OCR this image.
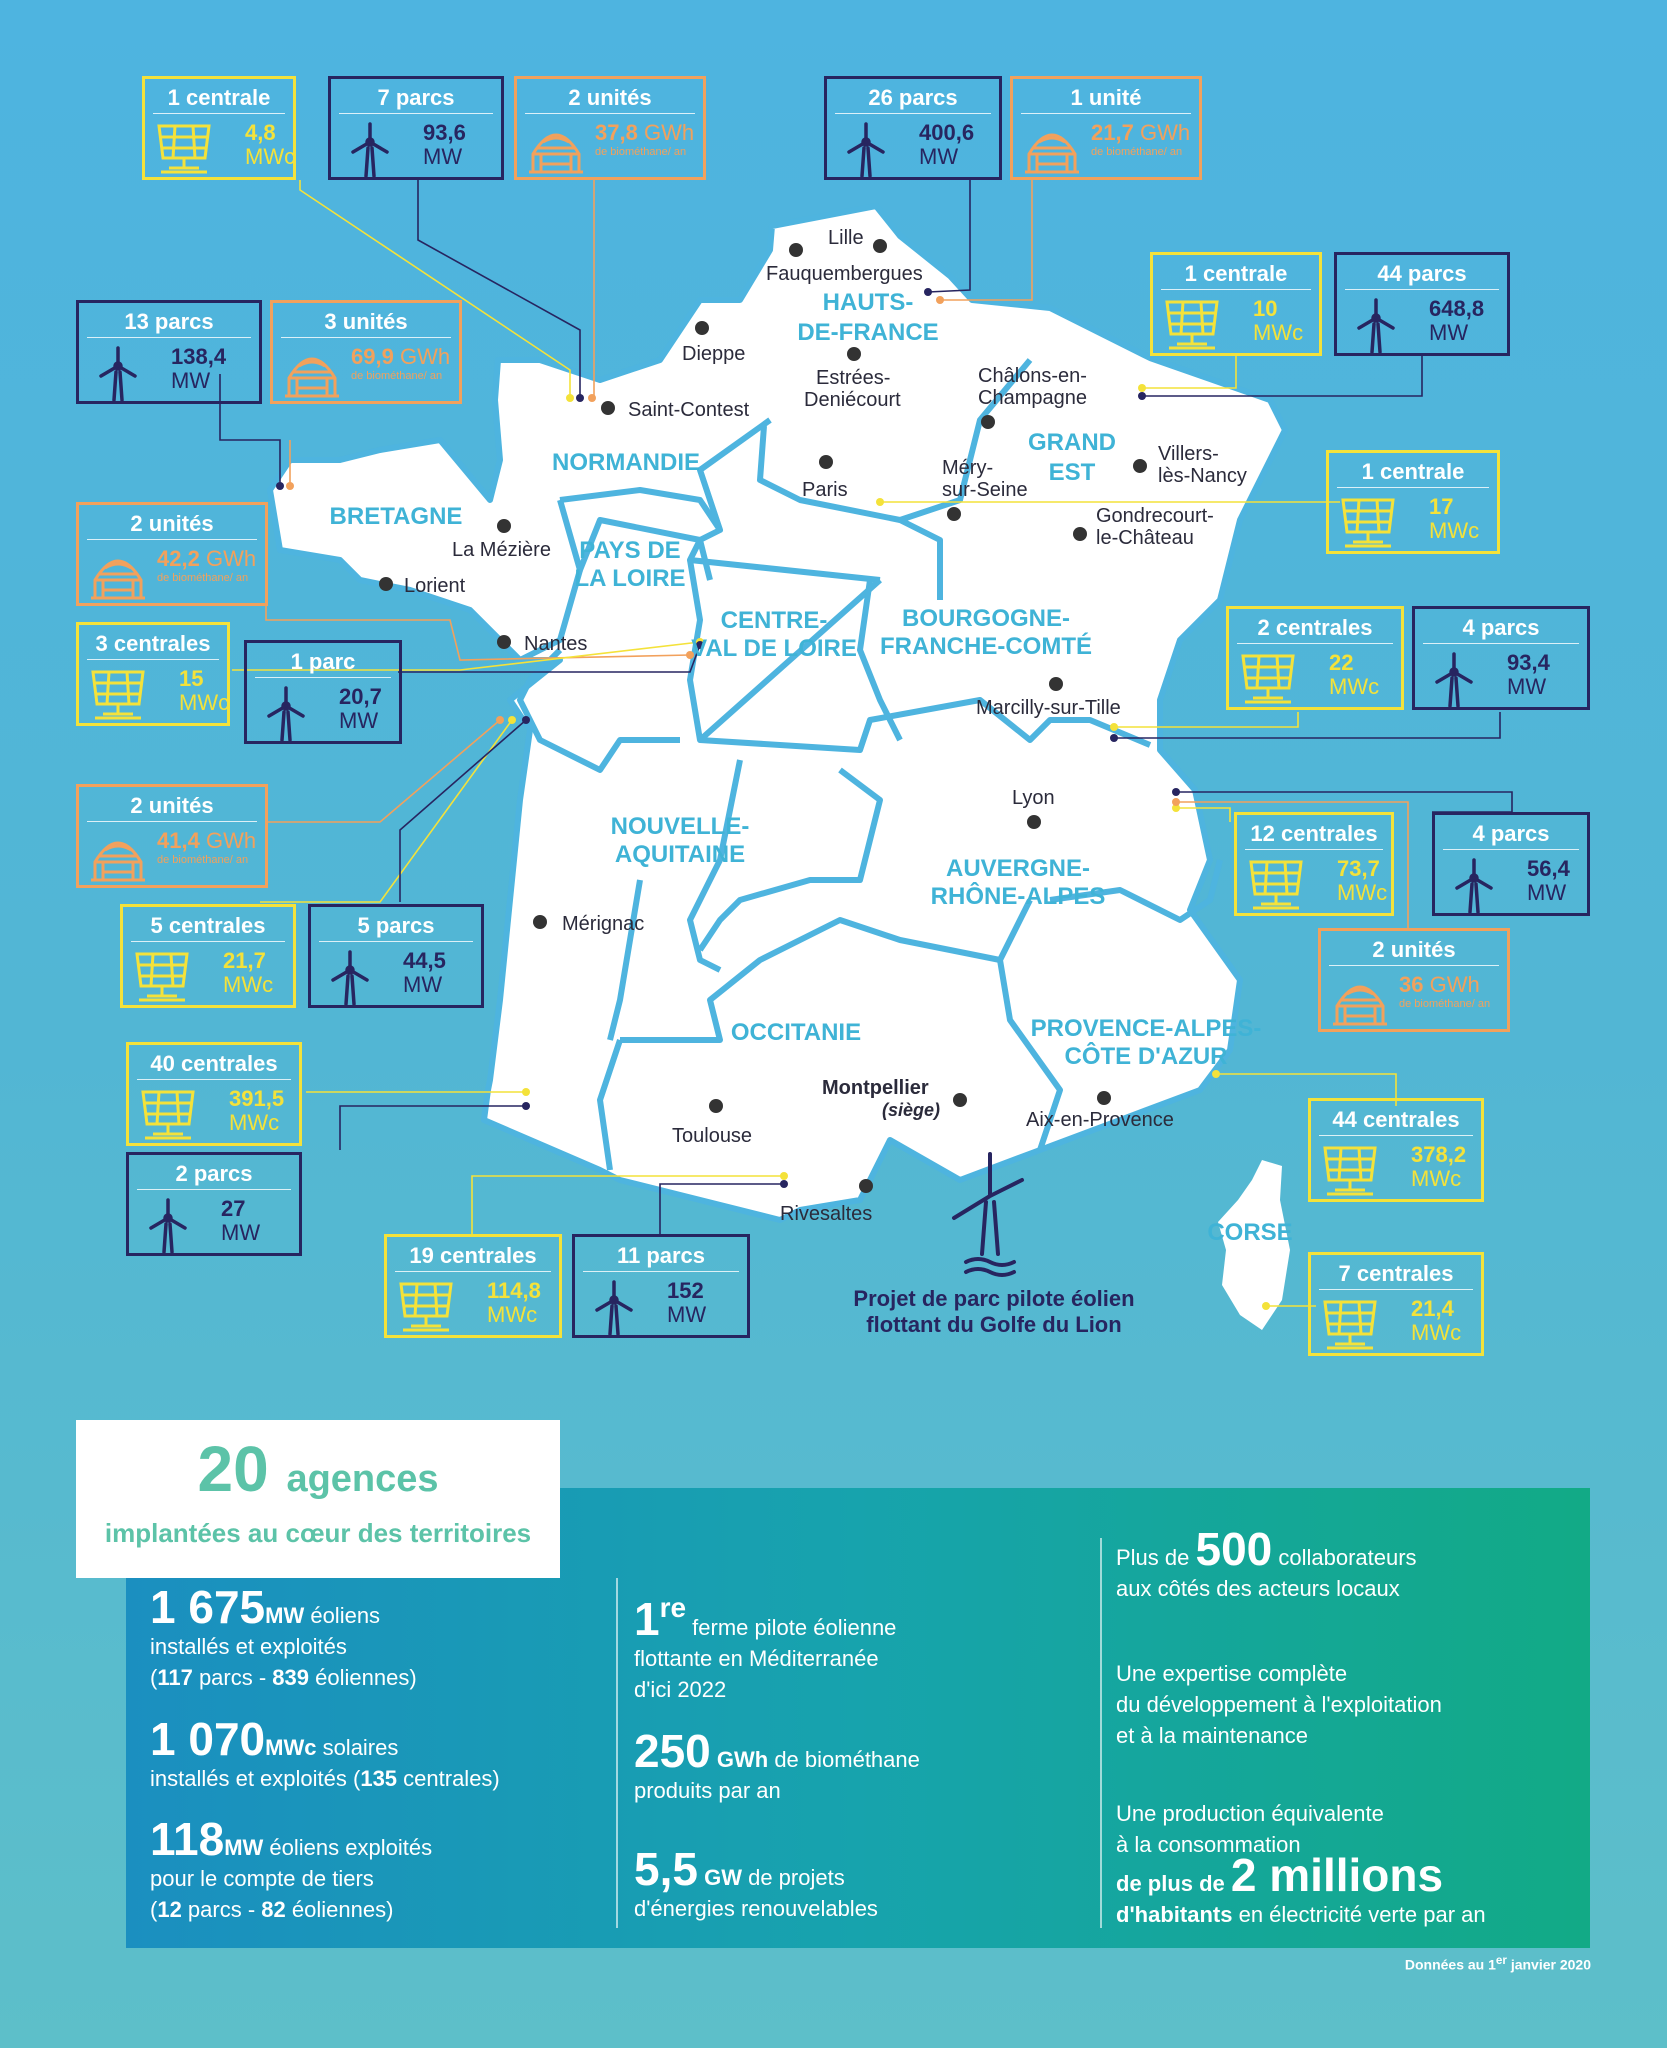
NORMANDIE
HAUTS-
DE-FRANCE
GRAND
EST
BRETAGNE
PAYS DE
LA LOIRE
CENTRE-
VAL DE LOIRE
BOURGOGNE-
FRANCHE-COMTÉ
NOUVELLE-
AQUITAINE
AUVERGNE-
RHÔNE-ALPES
OCCITANIE	PROVENCE-ALPES-
CÔTE D'AZUR
CORSE
Lille
Fauquembergues
Estrées-
Deniécourt
Dieppe
Saint-Contest
Châlons-en-
Champagne
Villers-
lès-Nancy
Méry-
sur-Seine
Paris
Gondrecourt-
le-Château
La Mézière
Lorient
Nantes
Marcilly-sur-Tille
Lyon
Mérignac
Montpellier
(siège)
Toulouse
Aix-en-Provence
Rivesaltes
Projet de parc pilote éolien
flottant du Golfe du Lion
1 centrale
4,8
MWc
7 parcs
93,6
MW
2 unités
37,8 GWh
de biométhane/ an
26 parcs
400,6
MW
1 unité
21,7 GWh
de biométhane/ an
1 centrale
10
MWc
44 parcs
648,8
MW
13 parcs
138,4
MW
3 unités
69,9 GWh
de biométhane/ an
1 centrale
17
MWc
2 unités
42,2 GWh
de biométhane/ an
3 centrales
15
MWc
1 parc
20,7
MW
2 centrales
22
MWc
4 parcs
93,4
MW
2 unités
41,4 GWh
de biométhane/ an
12 centrales
73,7
MWc
4 parcs
56,4
MW
5 centrales
21,7
MWc
5 parcs
44,5
MW
2 unités
36 GWh
de biométhane/ an
40 centrales
391,5
MWc	44 centrales
378,2
MWc
2 parcs
27
MW
19 centrales
114,8
MWc
11 parcs
152
MW
7 centrales
21,4
MWc
1 675MW éoliens
installés et exploités
(117 parcs - 839 éoliennes)
1 070MWc solaires
installés et exploités (135 centrales)
118MW éoliens exploités
pour le compte de tiers
(12 parcs - 82 éoliennes)
1re ferme pilote éolienne
flottante en Méditerranée
d'ici 2022
250 GWh de biométhane
produits par an
5,5 GW de projets
d'énergies renouvelables
Plus de 500 collaborateurs
aux côtés des acteurs locaux
Une expertise complète
du développement à l'exploitation
et à la maintenance
Une production équivalente
à la consommation
de plus de 2 millions
d'habitants en électricité verte par an
20 agences
implantées au cœur des territoires
Données au 1er janvier 2020
